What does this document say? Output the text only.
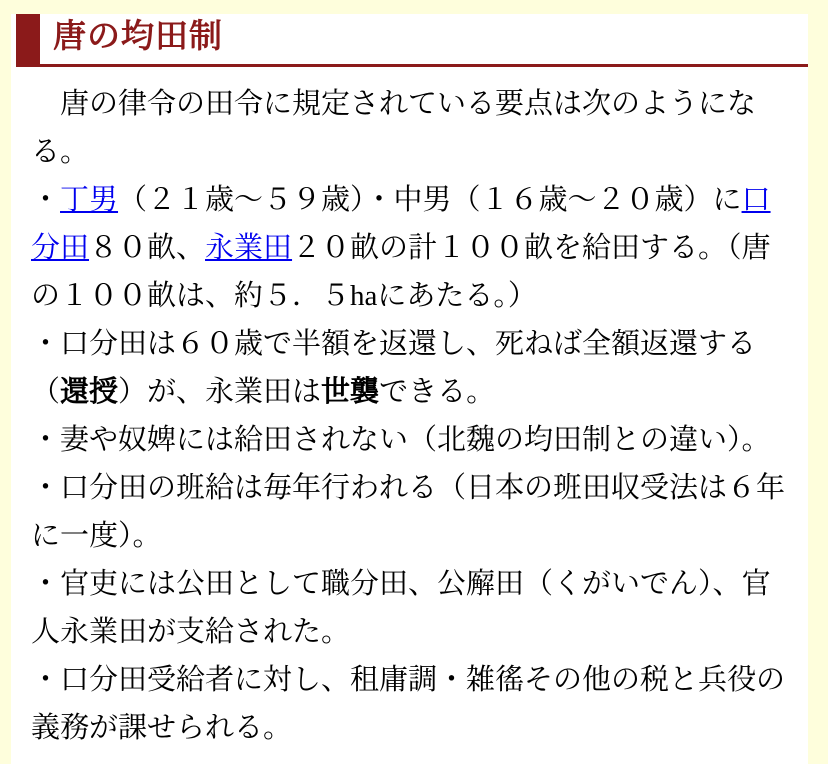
唐の均田制

　唐の律令の田令に規定されている要点は次のようになる。

・丁男（２１歳～５９歳）・中男（１６歳～２０歳）に口分田８０畝、永業田２０畝の計１００畝を給田する。（唐の１００畝は、約５．５haにあたる。）

・口分田は６０歳で半額を返還し、死ねば全額返還する（還授）が、永業田は世襲できる。

・妻や奴婢には給田されない（北魏の均田制との違い）。

・口分田の班給は毎年行われる（日本の班田収受法は６年に一度）。

・官吏には公田として職分田、公廨田（くがいでん）、官人永業田が支給された。

・口分田受給者に対し、租庸調・雑徭その他の税と兵役の義務が課せられる。
